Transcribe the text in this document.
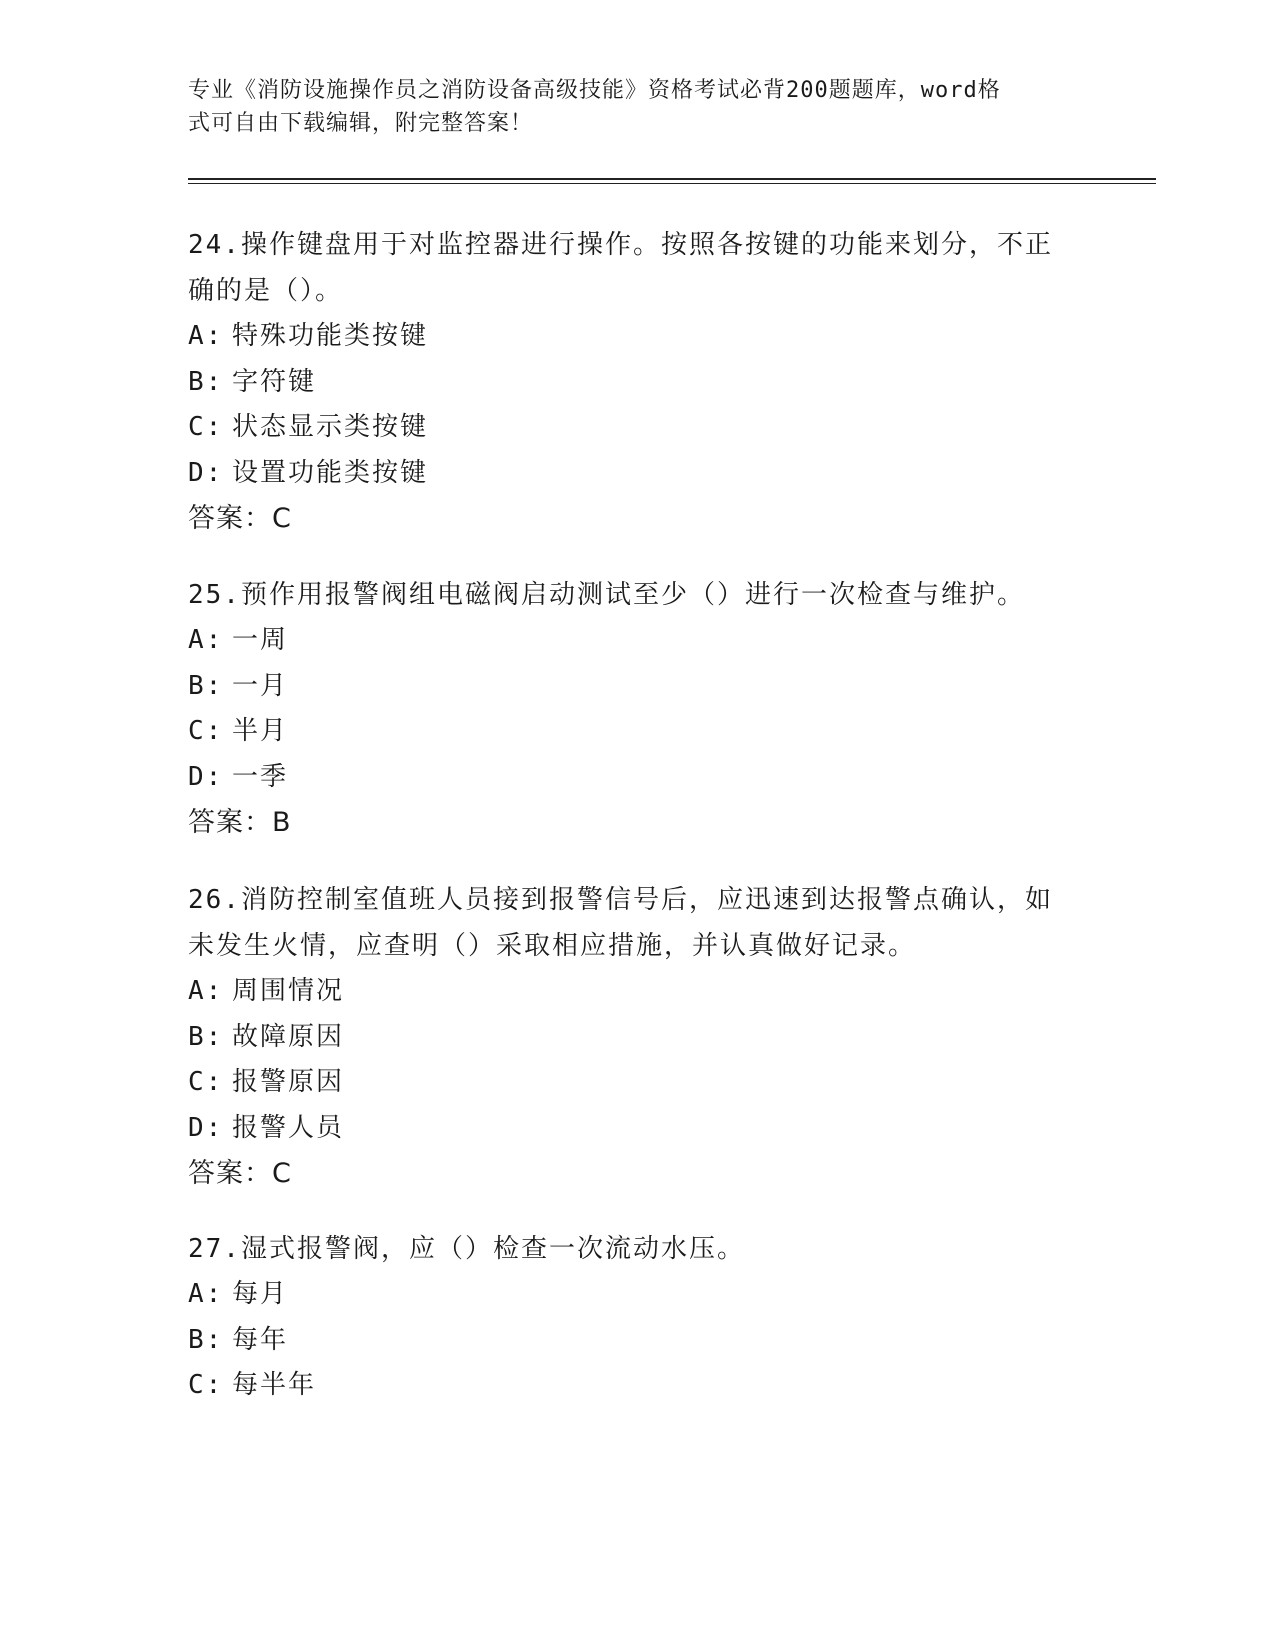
专业《消防设施操作员之消防设备高级技能》资格考试必背200题题库，word格
式可自由下载编辑，附完整答案！
24.操作键盘用于对监控器进行操作。按照各按键的功能来划分，不正
确的是（）。
A: 特殊功能类按键
B: 字符键
C: 状态显示类按键
D: 设置功能类按键
答案：C
25.预作用报警阀组电磁阀启动测试至少（）进行一次检查与维护。
A: 一周
B: 一月
C: 半月
D: 一季
答案：B
26.消防控制室值班人员接到报警信号后，应迅速到达报警点确认，如
未发生火情，应查明（）采取相应措施，并认真做好记录。
A: 周围情况
B: 故障原因
C: 报警原因
D: 报警人员
答案：C
27.湿式报警阀，应（）检查一次流动水压。
A: 每月
B: 每年
C: 每半年
